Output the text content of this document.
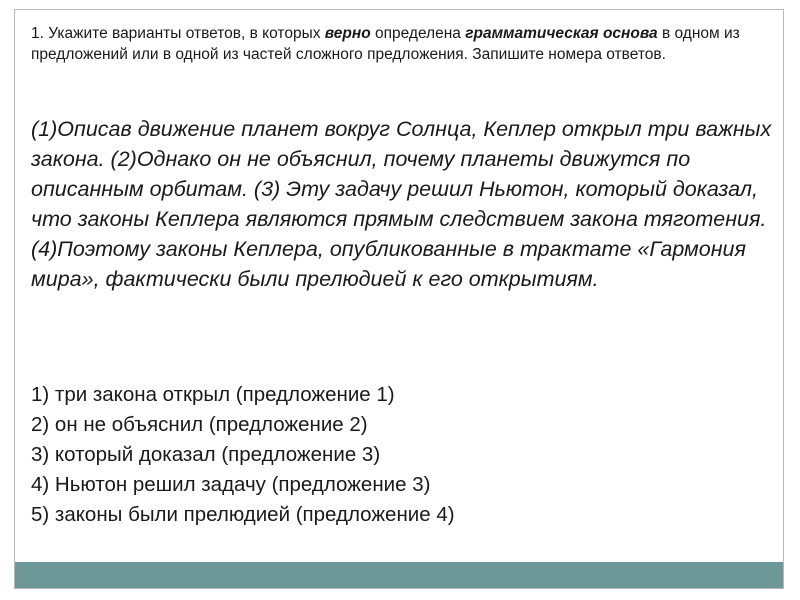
1. Укажите варианты ответов, в которых верно определена грамматическая основа в одном из предложений или в одной из частей сложного предложения. Запишите номера ответов.

(1)Описав движение планет вокруг Солнца, Кеплер открыл три важных закона. (2)Однако он не объяснил, почему планеты движутся по описанным орбитам. (3) Эту задачу решил Ньютон, который доказал, что законы Кеплера являются прямым следствием закона тяготения. (4)Поэтому законы Кеплера, опубликованные в трактате «Гармония мира», фактически были прелюдией к его открытиям.

1) три закона открыл (предложение 1)
2) он не объяснил (предложение 2)
3) который доказал (предложение 3)
4) Ньютон решил задачу (предложение 3)
5) законы были прелюдией (предложение 4)
